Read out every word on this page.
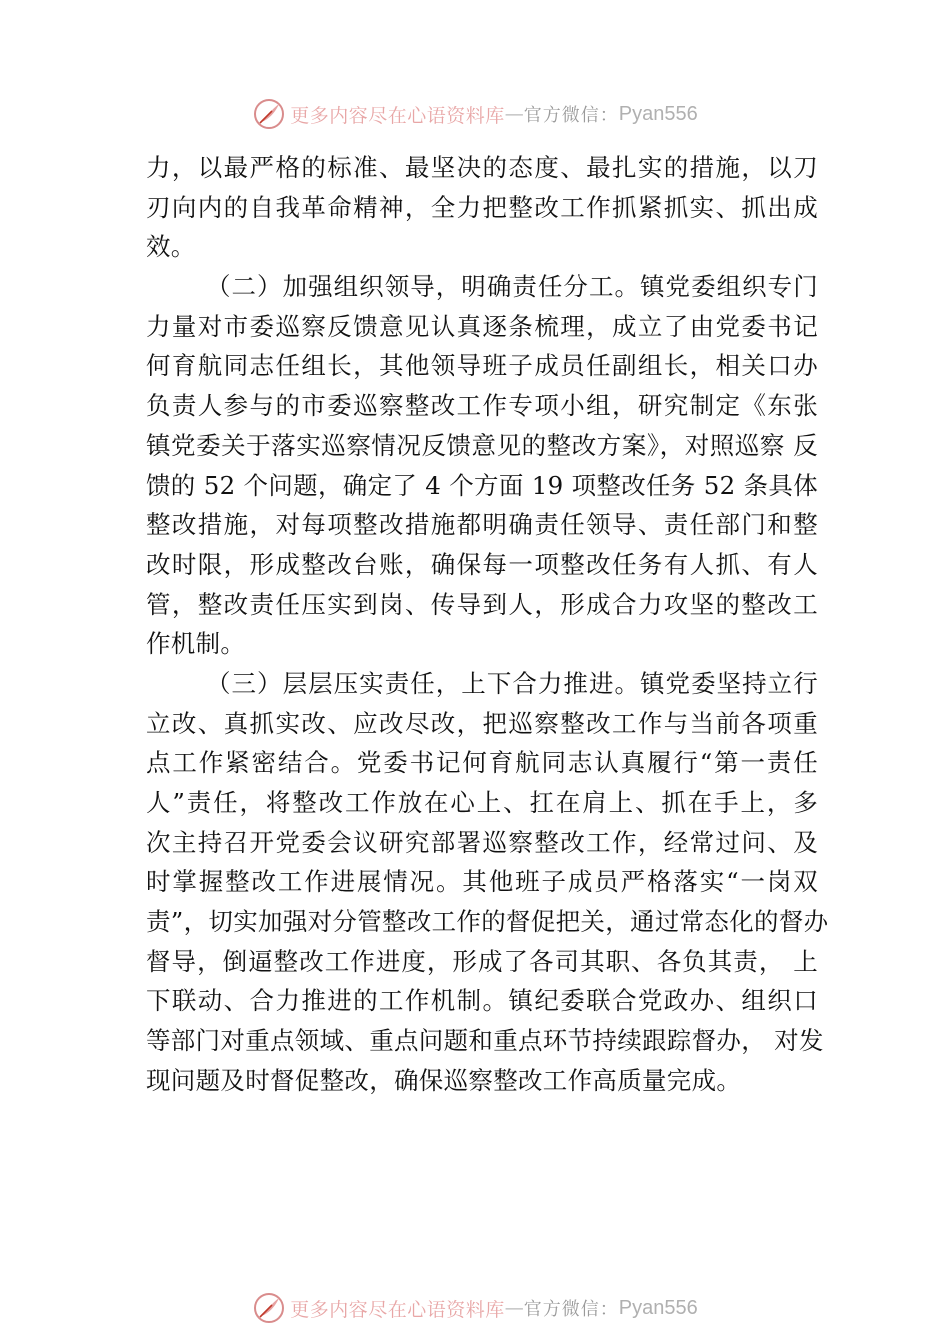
更多内容尽在心语资料库 — 官方微信： Pyan556
力，以最严格的标准、最坚决的态度、最扎实的措施，以刀
刃向内的自我革命精神，全力把整改工作抓紧抓实、抓出成
效。
（二）加强组织领导，明确责任分工。镇党委组织专门
力量对市委巡察反馈意见认真逐条梳理，成立了由党委书记
何育航同志任组长，其他领导班子成员任副组长，相关口办
负责人参与的市委巡察整改工作专项小组，研究制定《东张
镇党委关于落实巡察情况反馈意见的整改方案》，对照巡察 反
馈的 52 个问题，确定了 4 个方面 19 项整改任务 52 条具体
整改措施，对每项整改措施都明确责任领导、责任部门和整
改时限，形成整改台账，确保每一项整改任务有人抓、有人
管，整改责任压实到岗、传导到人，形成合力攻坚的整改工
作机制。
（三）层层压实责任，上下合力推进。镇党委坚持立行
立改、真抓实改、应改尽改，把巡察整改工作与当前各项重
点工作紧密结合。党委书记何育航同志认真履行“第一责任
人”责任，将整改工作放在心上、扛在肩上、抓在手上，多
次主持召开党委会议研究部署巡察整改工作，经常过问、及
时掌握整改工作进展情况。其他班子成员严格落实“一岗双
责”，切实加强对分管整改工作的督促把关，通过常态化的督办
督导，倒逼整改工作进度，形成了各司其职、各负其责， 上
下联动、合力推进的工作机制。镇纪委联合党政办、组织口
等部门对重点领域、重点问题和重点环节持续跟踪督办， 对发
现问题及时督促整改，确保巡察整改工作高质量完成。
更多内容尽在心语资料库 — 官方微信： Pyan556
